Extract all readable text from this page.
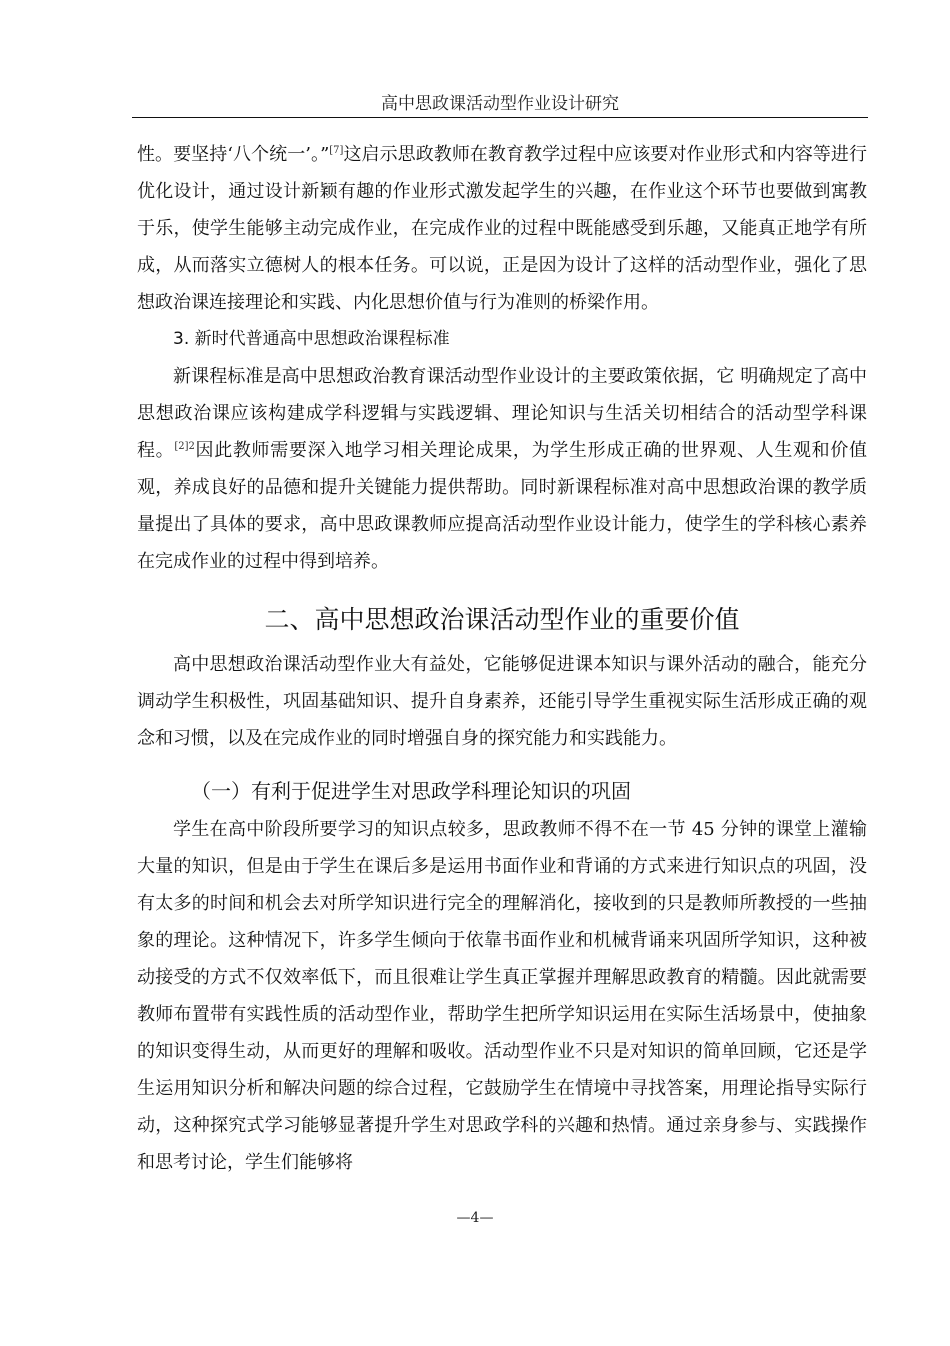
高中思政课活动型作业设计研究

性。要坚持‘八个统一’。”[7]这启示思政教师在教育教学过程中应该要对作业形式和内容等进行优化设计，通过设计新颖有趣的作业形式激发起学生的兴趣，在作业这个环节也要做到寓教于乐，使学生能够主动完成作业，在完成作业的过程中既能感受到乐趣，又能真正地学有所成，从而落实立德树人的根本任务。可以说，正是因为设计了这样的活动型作业，强化了思想政治课连接理论和实践、内化思想价值与行为准则的桥梁作用。

3. 新时代普通高中思想政治课程标准

新课程标准是高中思想政治教育课活动型作业设计的主要政策依据，它 明确规定了高中思想政治课应该构建成学科逻辑与实践逻辑、理论知识与生活关切相结合的活动型学科课程。$^{[2]2}$因此教师需要深入地学习相关理论成果，为学生形成正确的世界观、人生观和价值观，养成良好的品德和提升关键能力提供帮助。同时新课程标准对高中思想政治课的教学质量提出了具体的要求，高中思政课教师应提高活动型作业设计能力，使学生的学科核心素养在完成作业的过程中得到培养。

二、高中思想政治课活动型作业的重要价值

高中思想政治课活动型作业大有益处，它能够促进课本知识与课外活动的融合，能充分调动学生积极性，巩固基础知识、提升自身素养，还能引导学生重视实际生活形成正确的观念和习惯，以及在完成作业的同时增强自身的探究能力和实践能力。

（一）有利于促进学生对思政学科理论知识的巩固

学生在高中阶段所要学习的知识点较多，思政教师不得不在一节 45 分钟的课堂上灌输大量的知识，但是由于学生在课后多是运用书面作业和背诵的方式来进行知识点的巩固，没有太多的时间和机会去对所学知识进行完全的理解消化，接收到的只是教师所教授的一些抽象的理论。这种情况下，许多学生倾向于依靠书面作业和机械背诵来巩固所学知识，这种被动接受的方式不仅效率低下，而且很难让学生真正掌握并理解思政教育的精髓。因此就需要教师布置带有实践性质的活动型作业，帮助学生把所学知识运用在实际生活场景中，使抽象的知识变得生动，从而更好的理解和吸收。活动型作业不只是对知识的简单回顾，它还是学生运用知识分析和解决问题的综合过程，它鼓励学生在情境中寻找答案，用理论指导实际行动，这种探究式学习能够显著提升学生对思政学科的兴趣和热情。通过亲身参与、实践操作和思考讨论，学生们能够将

—4—
